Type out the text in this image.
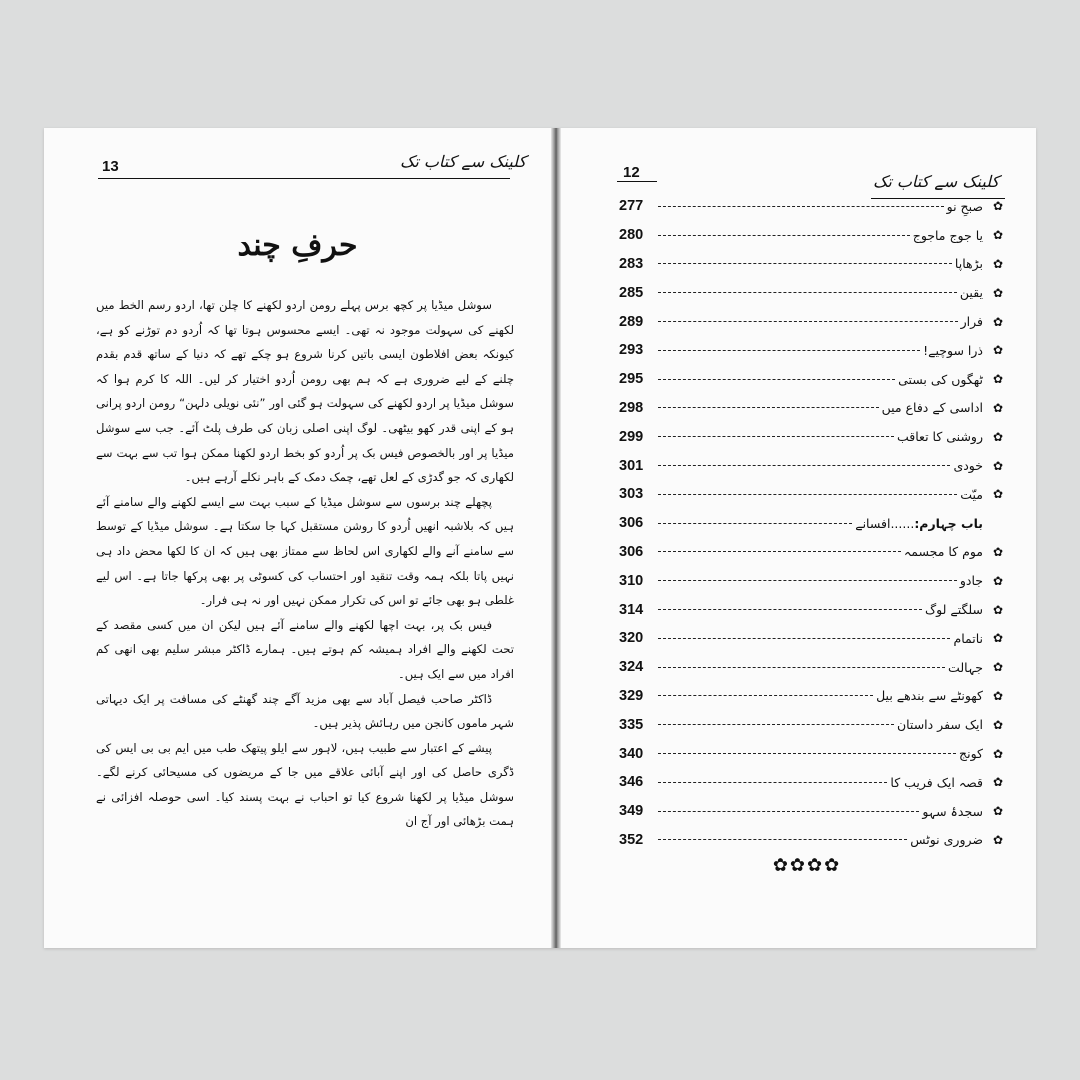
13	کلینک سے کتاب تک
حرفِ چند

سوشل میڈیا پر کچھ برس پہلے رومن اردو لکھنے کا چلن تھا، اردو رسم الخط میں لکھنے کی سہولت موجود نہ تھی۔ ایسے محسوس ہوتا تھا کہ اُردو دم توڑنے کو ہے، کیونکہ بعض افلاطون ایسی باتیں کرنا شروع ہو چکے تھے کہ دنیا کے ساتھ قدم بقدم چلنے کے لیے ضروری ہے کہ ہم بھی رومن اُردو اختیار کر لیں۔ اللہ کا کرم ہوا کہ سوشل میڈیا پر اردو لکھنے کی سہولت ہو گئی اور ”نئی نویلی دلہن“ رومن اردو پرانی ہو کے اپنی قدر کھو بیٹھی۔ لوگ اپنی اصلی زبان کی طرف پلٹ آئے۔ جب سے سوشل میڈیا پر اور بالخصوص فیس بک پر اُردو کو بخط اردو لکھنا ممکن ہوا تب سے بہت سے لکھاری کہ جو گدڑی کے لعل تھے، چمک دمک کے باہر نکلے آرہے ہیں۔

پچھلے چند برسوں سے سوشل میڈیا کے سبب بہت سے ایسے لکھنے والے سامنے آئے ہیں کہ بلاشبہ انھیں اُردو کا روشن مستقبل کہا جا سکتا ہے۔ سوشل میڈیا کے توسط سے سامنے آنے والے لکھاری اس لحاظ سے ممتاز بھی ہیں کہ ان کا لکھا محض داد ہی نہیں پاتا بلکہ ہمہ وقت تنقید اور احتساب کی کسوٹی پر بھی پرکھا جاتا ہے۔ اس لیے غلطی ہو بھی جائے تو اس کی تکرار ممکن نہیں اور نہ ہی فرار۔

فیس بک پر، بہت اچھا لکھنے والے سامنے آئے ہیں لیکن ان میں کسی مقصد کے تحت لکھنے والے افراد ہمیشہ کم ہوتے ہیں۔ ہمارے ڈاکٹر مبشر سلیم بھی انھی کم افراد میں سے ایک ہیں۔

ڈاکٹر صاحب فیصل آباد سے بھی مزید آگے چند گھنٹے کی مسافت پر ایک دیہاتی شہر ماموں کانجن میں رہائش پذیر ہیں۔

پیشے کے اعتبار سے طبیب ہیں، لاہور سے ایلو پیتھک طب میں ایم بی بی ایس کی ڈگری حاصل کی اور اپنے آبائی علاقے میں جا کے مریضوں کی مسیحائی کرنے لگے۔ سوشل میڈیا پر لکھنا شروع کیا تو احباب نے بہت پسند کیا۔ اسی حوصلہ افزائی نے ہمت بڑھائی اور آج ان

12	کلینک سے کتاب تک
277	صبحِ نو ✿
280	یا جوج ماجوج ✿
283	بڑھاپا ✿
285	یقین ✿
289	فرار ✿
293	ذرا سوچیے! ✿
295	ٹھگوں کی بستی ✿
298	اداسی کے دفاع میں ✿
299	روشنی کا تعاقب ✿
301	خودی ✿
303	میّت ✿
306	باب چہارم:......افسانے
306	موم کا مجسمہ ✿
310	جادو ✿
314	سلگتے لوگ ✿
320	ناتمام ✿
324	جہالت ✿
329	کھونٹے سے بندھے بیل ✿
335	ایک سفر داستان ✿
340	کونج ✿
346	قصہ ایک فریب کا ✿
349	سجدۂ سہو ✿
352	ضروری نوٹس ✿
✿✿✿✿
